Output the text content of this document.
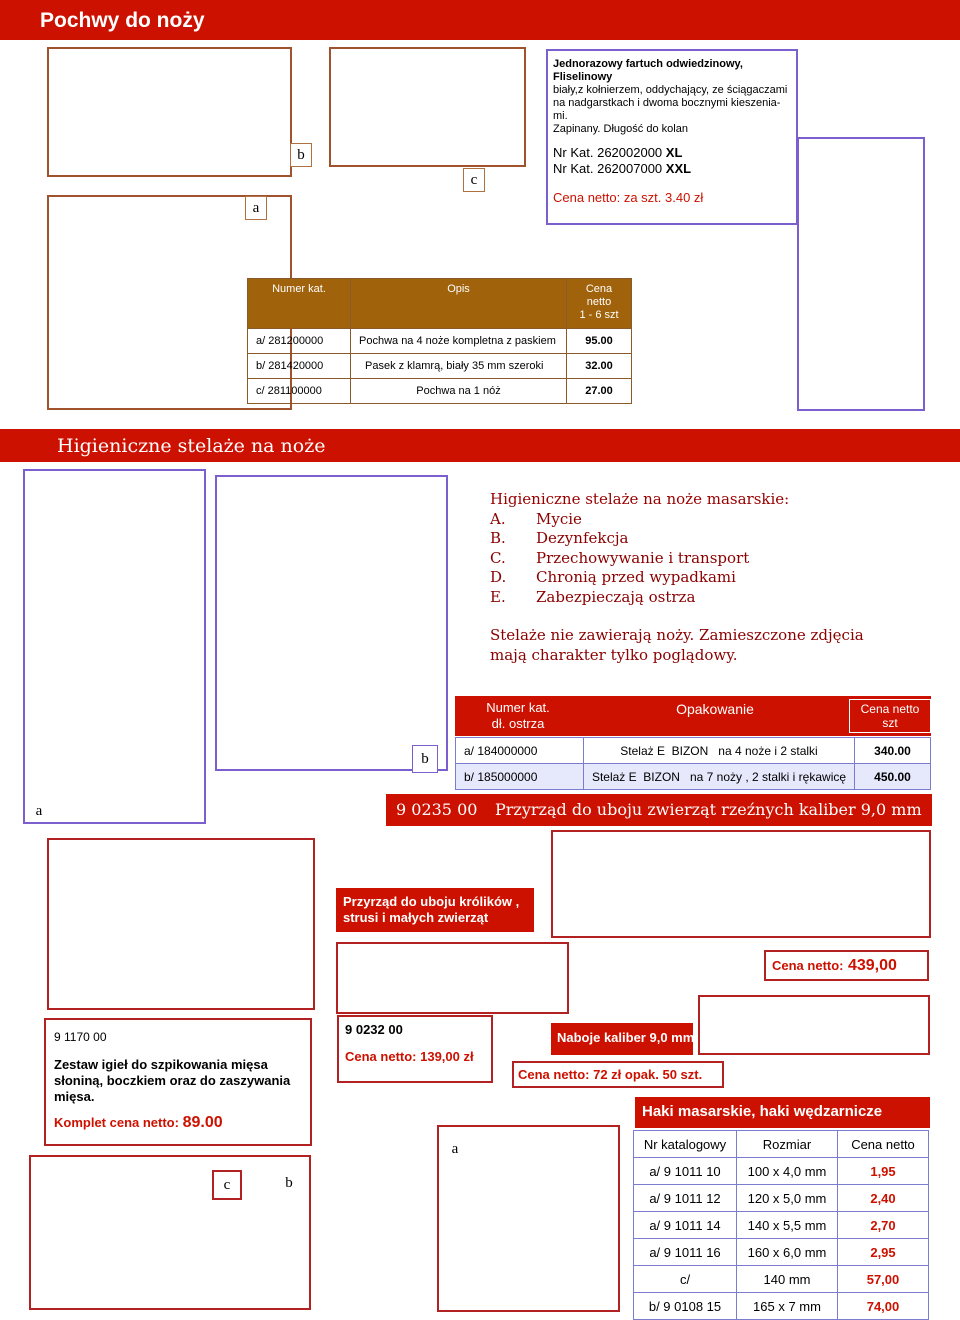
Pochwy do noży
a
b
c
Jednorazowy fartuch odwiedzinowy,
Fliselinowy
biały,z kołnierzem, oddychający, ze ściągaczami
na nadgarstkach i dwoma bocznymi kieszenia-
mi.
Zapinany. Długość do kolan
Nr Kat. 262002000 XL
Nr Kat. 262007000 XXL
Cena netto: za szt. 3.40 zł
Numer kat.	Opis	Cena
netto
1 - 6 szt

a/ 281200000	Pochwa na 4 noże kompletna z paskiem	95.00
b/ 281420000	Pasek z klamrą, biały 35 mm szeroki	32.00
c/ 281100000	Pochwa na 1 nóż	27.00
Higieniczne stelaże na noże
a
b
Higieniczne stelaże na noże masarskie:
A. Mycie
B. Dezynfekcja
C. Przechowywanie i transport
D. Chronią przed wypadkami
E. Zabezpieczają ostrza
Stelaże nie zawierają noży. Zamieszczone zdjęcia
mają charakter tylko poglądowy.
Numer kat.
dł. ostrza
Opakowanie	Cena netto
szt
a/ 184000000	Stelaż E  BIZON   na 4 noże i 2 stalki	340.00
b/ 185000000	Stelaż E  BIZON   na 7 noży , 2 stalki i rękawicę	450.00
9 0235 00 Przyrząd do uboju zwierząt rzeźnych kaliber 9,0 mm
Przyrząd do uboju królików ,
strusi i małych zwierząt
Cena netto: 439,00
9 1170 00
Zestaw igieł do szpikowania mięsa
słoniną, boczkiem oraz do zaszywania
mięsa.
Komplet cena netto: 89.00
9 0232 00
Cena netto: 139,00 zł
Naboje kaliber 9,0 mm
Cena netto: 72 zł opak. 50 szt.
c	b
a
Haki masarskie, haki wędzarnicze
Nr katalogowy	Rozmiar	Cena netto
a/ 9 1011 10	100 x 4,0 mm	1,95
a/ 9 1011 12	120 x 5,0 mm	2,40
a/ 9 1011 14	140 x 5,5 mm	2,70
a/ 9 1011 16	160 x 6,0 mm	2,95
c/	140 mm	57,00
b/ 9 0108 15	165 x 7 mm	74,00
